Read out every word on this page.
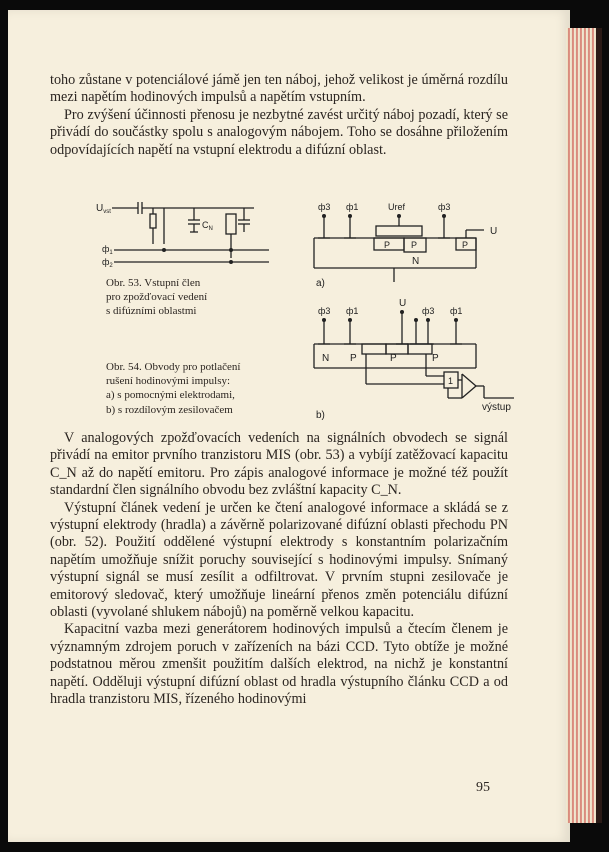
toho zůstane v potenciálové jámě jen ten náboj, jehož velikost je úměrná rozdílu mezi napětím hodinových impulsů a napětím vstupním.

Pro zvýšení účinnosti přenosu je nezbytné zavést určitý náboj pozadí, který se přivádí do součástky spolu s analogovým nábojem. Toho se dosáhne přiložením odpovídajících napětí na vstupní elektrodu a difúzní oblast.

$U_{vst}$
$C_N$
$ф_1$
$ф_2$
Obr. 53. Vstupní člen
pro zpožďovací vedení
s difúzními oblastmi
Obr. 54. Obvody pro potlačení
rušení hodinovými impulsy:
a) s pomocnými elektrodami,
b) s rozdílovým zesilovačem
ф3 ф1	Uref	ф3
U
P P	P
N
a)
ф3 ф1
U
ф3 ф1
N P	P	P
1
výstup
b)

V analogových zpožďovacích vedeních na signálních obvodech se signál přivádí na emitor prvního tranzistoru MIS (obr. 53) a vybíjí zatěžovací kapacitu C_N až do napětí emitoru. Pro zápis analogové informace je možné též použít standardní člen signálního obvodu bez zvláštní kapacity C_N.

Výstupní článek vedení je určen ke čtení analogové informace a skládá se z výstupní elektrody (hradla) a závěrně polarizované difúzní oblasti přechodu PN (obr. 52). Použití oddělené výstupní elektrody s konstantním polarizačním napětím umožňuje snížit poruchy související s hodinovými impulsy. Snímaný výstupní signál se musí zesílit a odfiltrovat. V prvním stupni zesilovače je emitorový sledovač, který umožňuje lineární přenos změn potenciálu difúzní oblasti (vyvolané shlukem nábojů) na poměrně velkou kapacitu.

Kapacitní vazba mezi generátorem hodinových impulsů a čtecím členem je významným zdrojem poruch v zařízeních na bázi CCD. Tyto obtíže je možné podstatnou měrou zmenšit použitím dalších elektrod, na nichž je konstantní napětí. Odděluji výstupní difúzní oblast od hradla výstupního článku CCD a od hradla tranzistoru MIS, řízeného hodinovými

95
